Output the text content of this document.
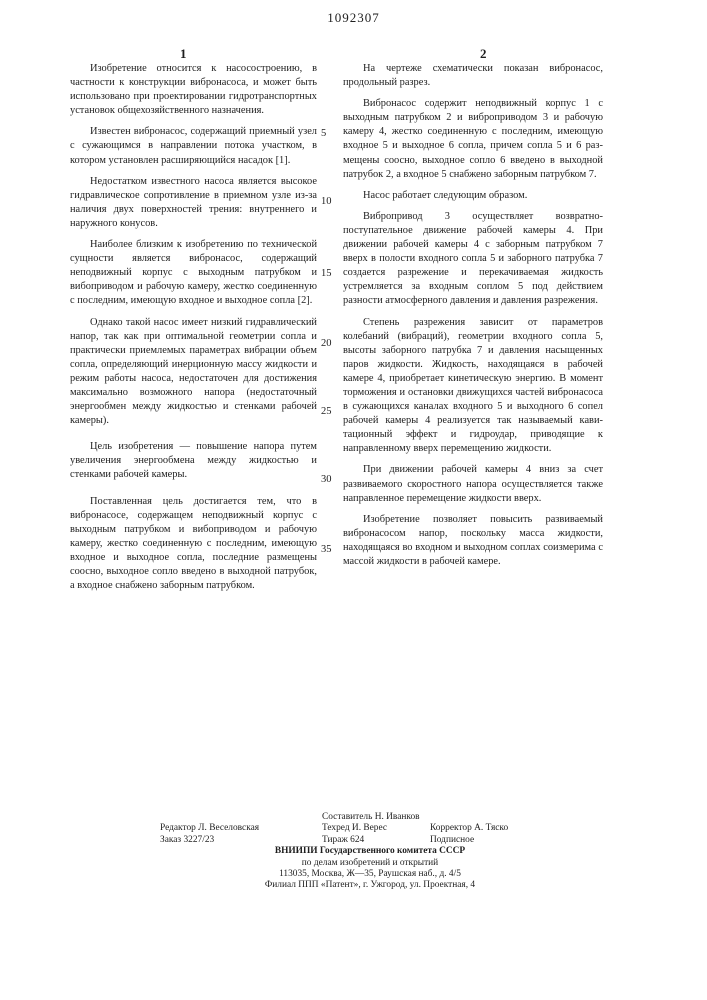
1092307
1	2

Изобретение относится к насосострое­нию, в частности к конструкции вибронасоса, и может быть использовано при проектиро­вании гидротранспортных установок обще­хозяйственного назначения.

Известен вибронасос, содержащий при­емный узел с сужающимся в направлении потока участком, в котором установлен рас­ширяющийся насадок [1].

Недостатком известного насоса является высокое гидравлическое сопротивление в при­емном узле из-за наличия двух поверхнос­тей трения: внутреннего и наружного ко­нусов.

Наиболее близким к изобретению по технической сущности является вибронасос, содержащий неподвижный корпус с выход­ным патрубком и вибоприводом и рабочую камеру, жестко соединенную с последним, имеющую входное и выходное сопла [2].

Однако такой насос имеет низкий гид­равлический напор, так как при оптималь­ной геометрии сопла и практически прием­лемых параметрах вибрации объем сопла, определяющий инерционную массу жидкос­ти и режим работы насоса, недостаточен для достижения максимально возможного напора (недостаточный энергообмен между жидкостью и стенками рабочей камеры).

Цель изобретения — повышение напора путем увеличения энергообмена между жид­костью и стенками рабочей камеры.

Поставленная цель достигается тем, что в вибронасосе, содержащем неподвижный корпус с выходным патрубком и вибоприво­дом и рабочую камеру, жестко соединенную с последним, имеющую входное и выходное сопла, последние размещены соосно, выход­ное сопло введено в выходной патрубок, а входное снабжено заборным патрубком.

5
10
15
20
25
30
35

На чертеже схематически показан виб­ронасос, продольный разрез.

Вибронасос содержит неподвижный кор­пус 1 с выходным патрубком 2 и вибропри­водом 3 и рабочую камеру 4, жестко соедин­енную с последним, имеющую входное 5 и выходное 6 сопла, причем сопла 5 и 6 раз­мещены соосно, выходное сопло 6 введено в выходной патрубок 2, а входное 5 снаб­жено заборным патрубком 7.

Насос работает следующим образом.

Вибропривод 3 осуществляет возвратно­поступательное движение рабочей камеры 4. При движении рабочей камеры 4 с забор­ным патрубком 7 вверх в полости входного сопла 5 и заборного патрубка 7 создается разрежение и перекачиваемая жидкость устремляется за входным соплом 5 под дей­ствием разности атмосферного давления и давления разрежения.

Степень разрежения зависит от парамет­ров колебаний (вибраций), геометрии вход­ного сопла 5, высоты заборного патрубка 7 и давления насыщенных паров жидкости. Жидкость, находящаяся в рабочей камере 4, приобретает кинетическую энергию. В мо­мент торможения и остановки движущихся частей вибронасоса в сужающихся каналах входного 5 и выходного 6 сопел рабочей камеры 4 реализуется так называемый кави­тационный эффект и гидроудар, приводящие к направленному вверх перемещению жид­кости.

При движении рабочей камеры 4 вниз за счет развиваемого скоростного напора осуществляется также направленное пере­мещение жидкости вверх.

Изобретение позволяет повысить разви­ваемый вибронасосом напор, поскольку мас­са жидкости, находящаяся во входном и вы­ходном соплах соизмерима с массой жидкос­ти в рабочей камере.

Составитель Н. Иванков
Редактор Л. Веселовская	Техред И. Верес	Корректор А. Тяско
Заказ 3227/23	Тираж 624	Подписное
ВНИИПИ Государственного комитета СССР
по делам изобретений и открытий
113035, Москва, Ж—35, Раушская наб., д. 4/5
Филиал ППП «Патент», г. Ужгород, ул. Проектная, 4
